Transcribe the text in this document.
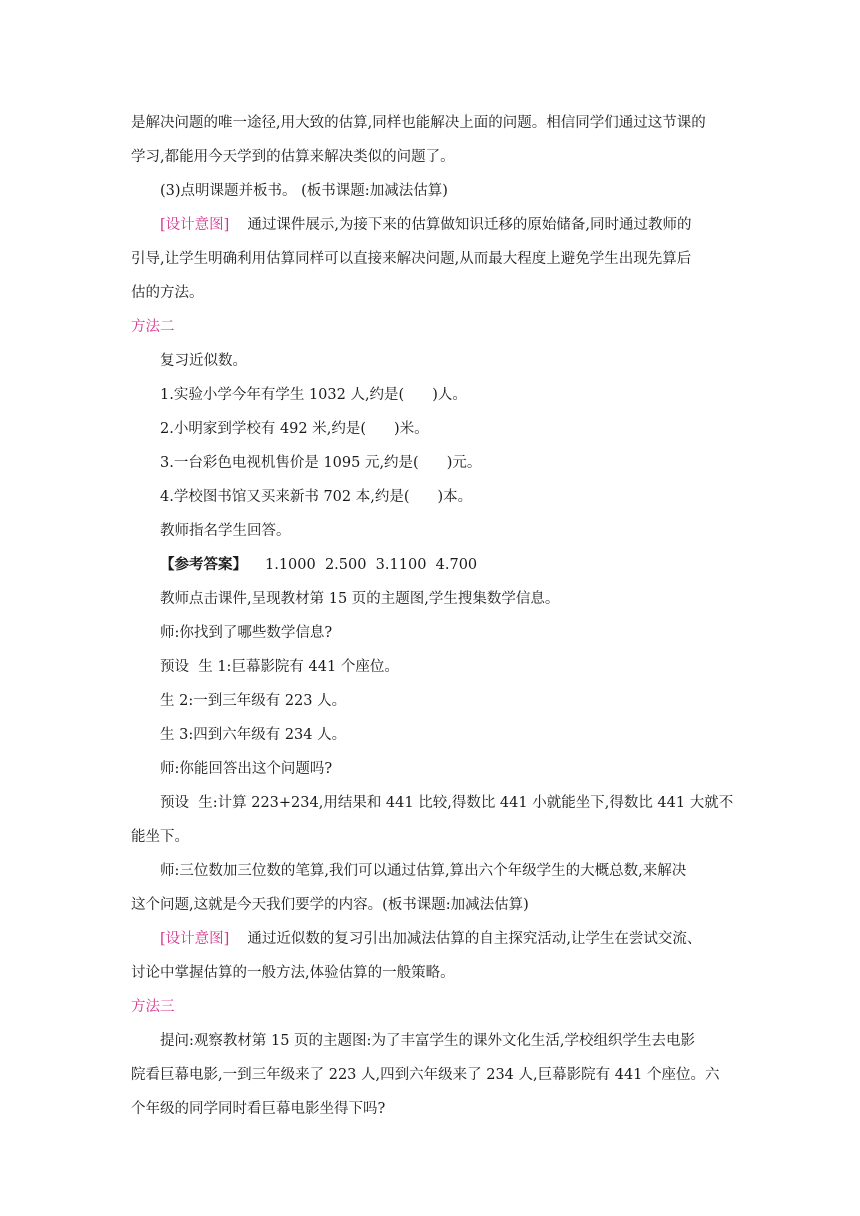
是解决问题的唯一途径,用大致的估算,同样也能解决上面的问题。相信同学们通过这节课的
学习,都能用今天学到的估算来解决类似的问题了。
(3)点明课题并板书。 (板书课题:加减法估算)
[设计意图] 通过课件展示,为接下来的估算做知识迁移的原始储备,同时通过教师的
引导,让学生明确利用估算同样可以直接来解决问题,从而最大程度上避免学生出现先算后
估的方法。
方法二
复习近似数。
1.实验小学今年有学生 1032 人,约是( )人。
2.小明家到学校有 492 米,约是( )米。
3.一台彩色电视机售价是 1095 元,约是( )元。
4.学校图书馆又买来新书 702 本,约是( )本。
教师指名学生回答。
【参考答案】 1.1000  2.500  3.1100  4.700
教师点击课件,呈现教材第 15 页的主题图,学生搜集数学信息。
师:你找到了哪些数学信息?
预设  生 1:巨幕影院有 441 个座位。
生 2:一到三年级有 223 人。
生 3:四到六年级有 234 人。
师:你能回答出这个问题吗?
预设  生:计算 223+234,用结果和 441 比较,得数比 441 小就能坐下,得数比 441 大就不
能坐下。
师:三位数加三位数的笔算,我们可以通过估算,算出六个年级学生的大概总数,来解决
这个问题,这就是今天我们要学的内容。(板书课题:加减法估算)
[设计意图] 通过近似数的复习引出加减法估算的自主探究活动,让学生在尝试交流、
讨论中掌握估算的一般方法,体验估算的一般策略。
方法三
提问:观察教材第 15 页的主题图:为了丰富学生的课外文化生活,学校组织学生去电影
院看巨幕电影,一到三年级来了 223 人,四到六年级来了 234 人,巨幕影院有 441 个座位。六
个年级的同学同时看巨幕电影坐得下吗?
